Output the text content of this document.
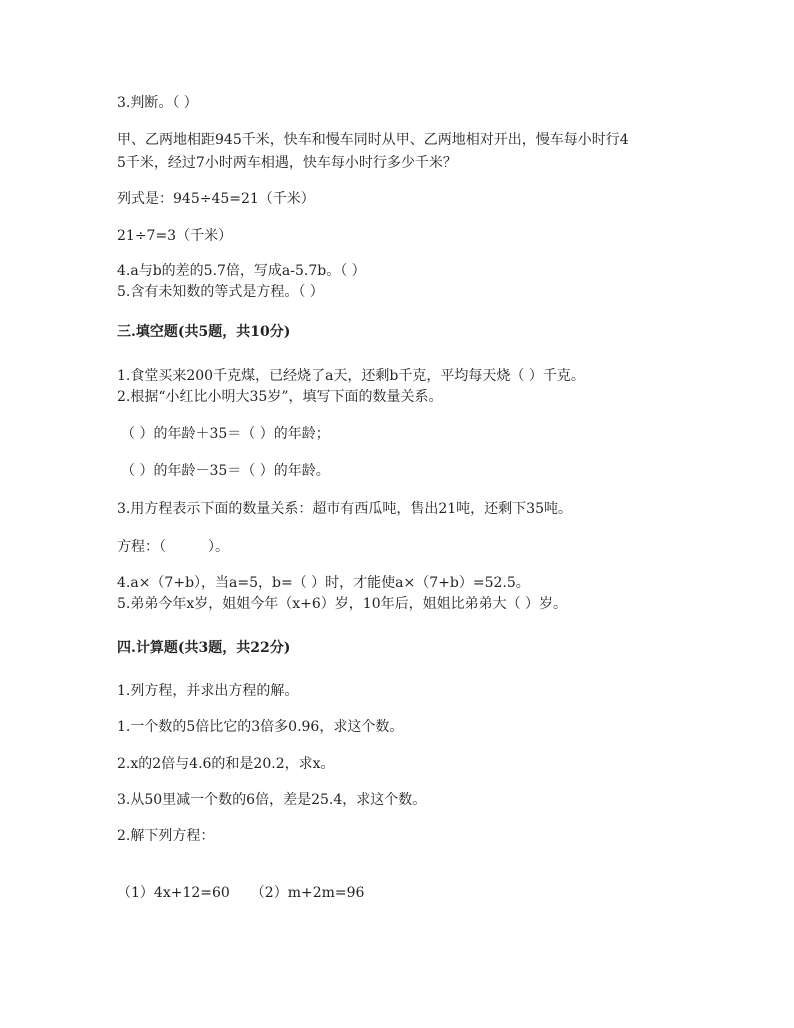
3.判断。（ ）
甲、乙两地相距945千米，快车和慢车同时从甲、乙两地相对开出，慢车每小时行4
5千米，经过7小时两车相遇，快车每小时行多少千米？
列式是：945÷45=21（千米）
21÷7=3（千米）
4.a与b的差的5.7倍，写成a-5.7b。（ ）
5.含有未知数的等式是方程。（ ）
三.填空题(共5题，共10分)
1.食堂买来200千克煤，已经烧了a天，还剩b千克，平均每天烧（ ）千克。
2.根据“小红比小明大35岁”，填写下面的数量关系。
（ ）的年龄＋35＝（ ）的年龄；
（ ）的年龄－35＝（ ）的年龄。
3.用方程表示下面的数量关系：超市有西瓜吨，售出21吨，还剩下35吨。
方程：（　　　）。
4.a×（7+b），当a=5，b=（ ）时，才能使a×（7+b）=52.5。
5.弟弟今年x岁，姐姐今年（x+6）岁，10年后，姐姐比弟弟大（ ）岁。
四.计算题(共3题，共22分)
1.列方程，并求出方程的解。
1.一个数的5倍比它的3倍多0.96，求这个数。
2.x的2倍与4.6的和是20.2，求x。
3.从50里减一个数的6倍，差是25.4，求这个数。
2.解下列方程：
（1）4x+12=60　　（2）m+2m=96
